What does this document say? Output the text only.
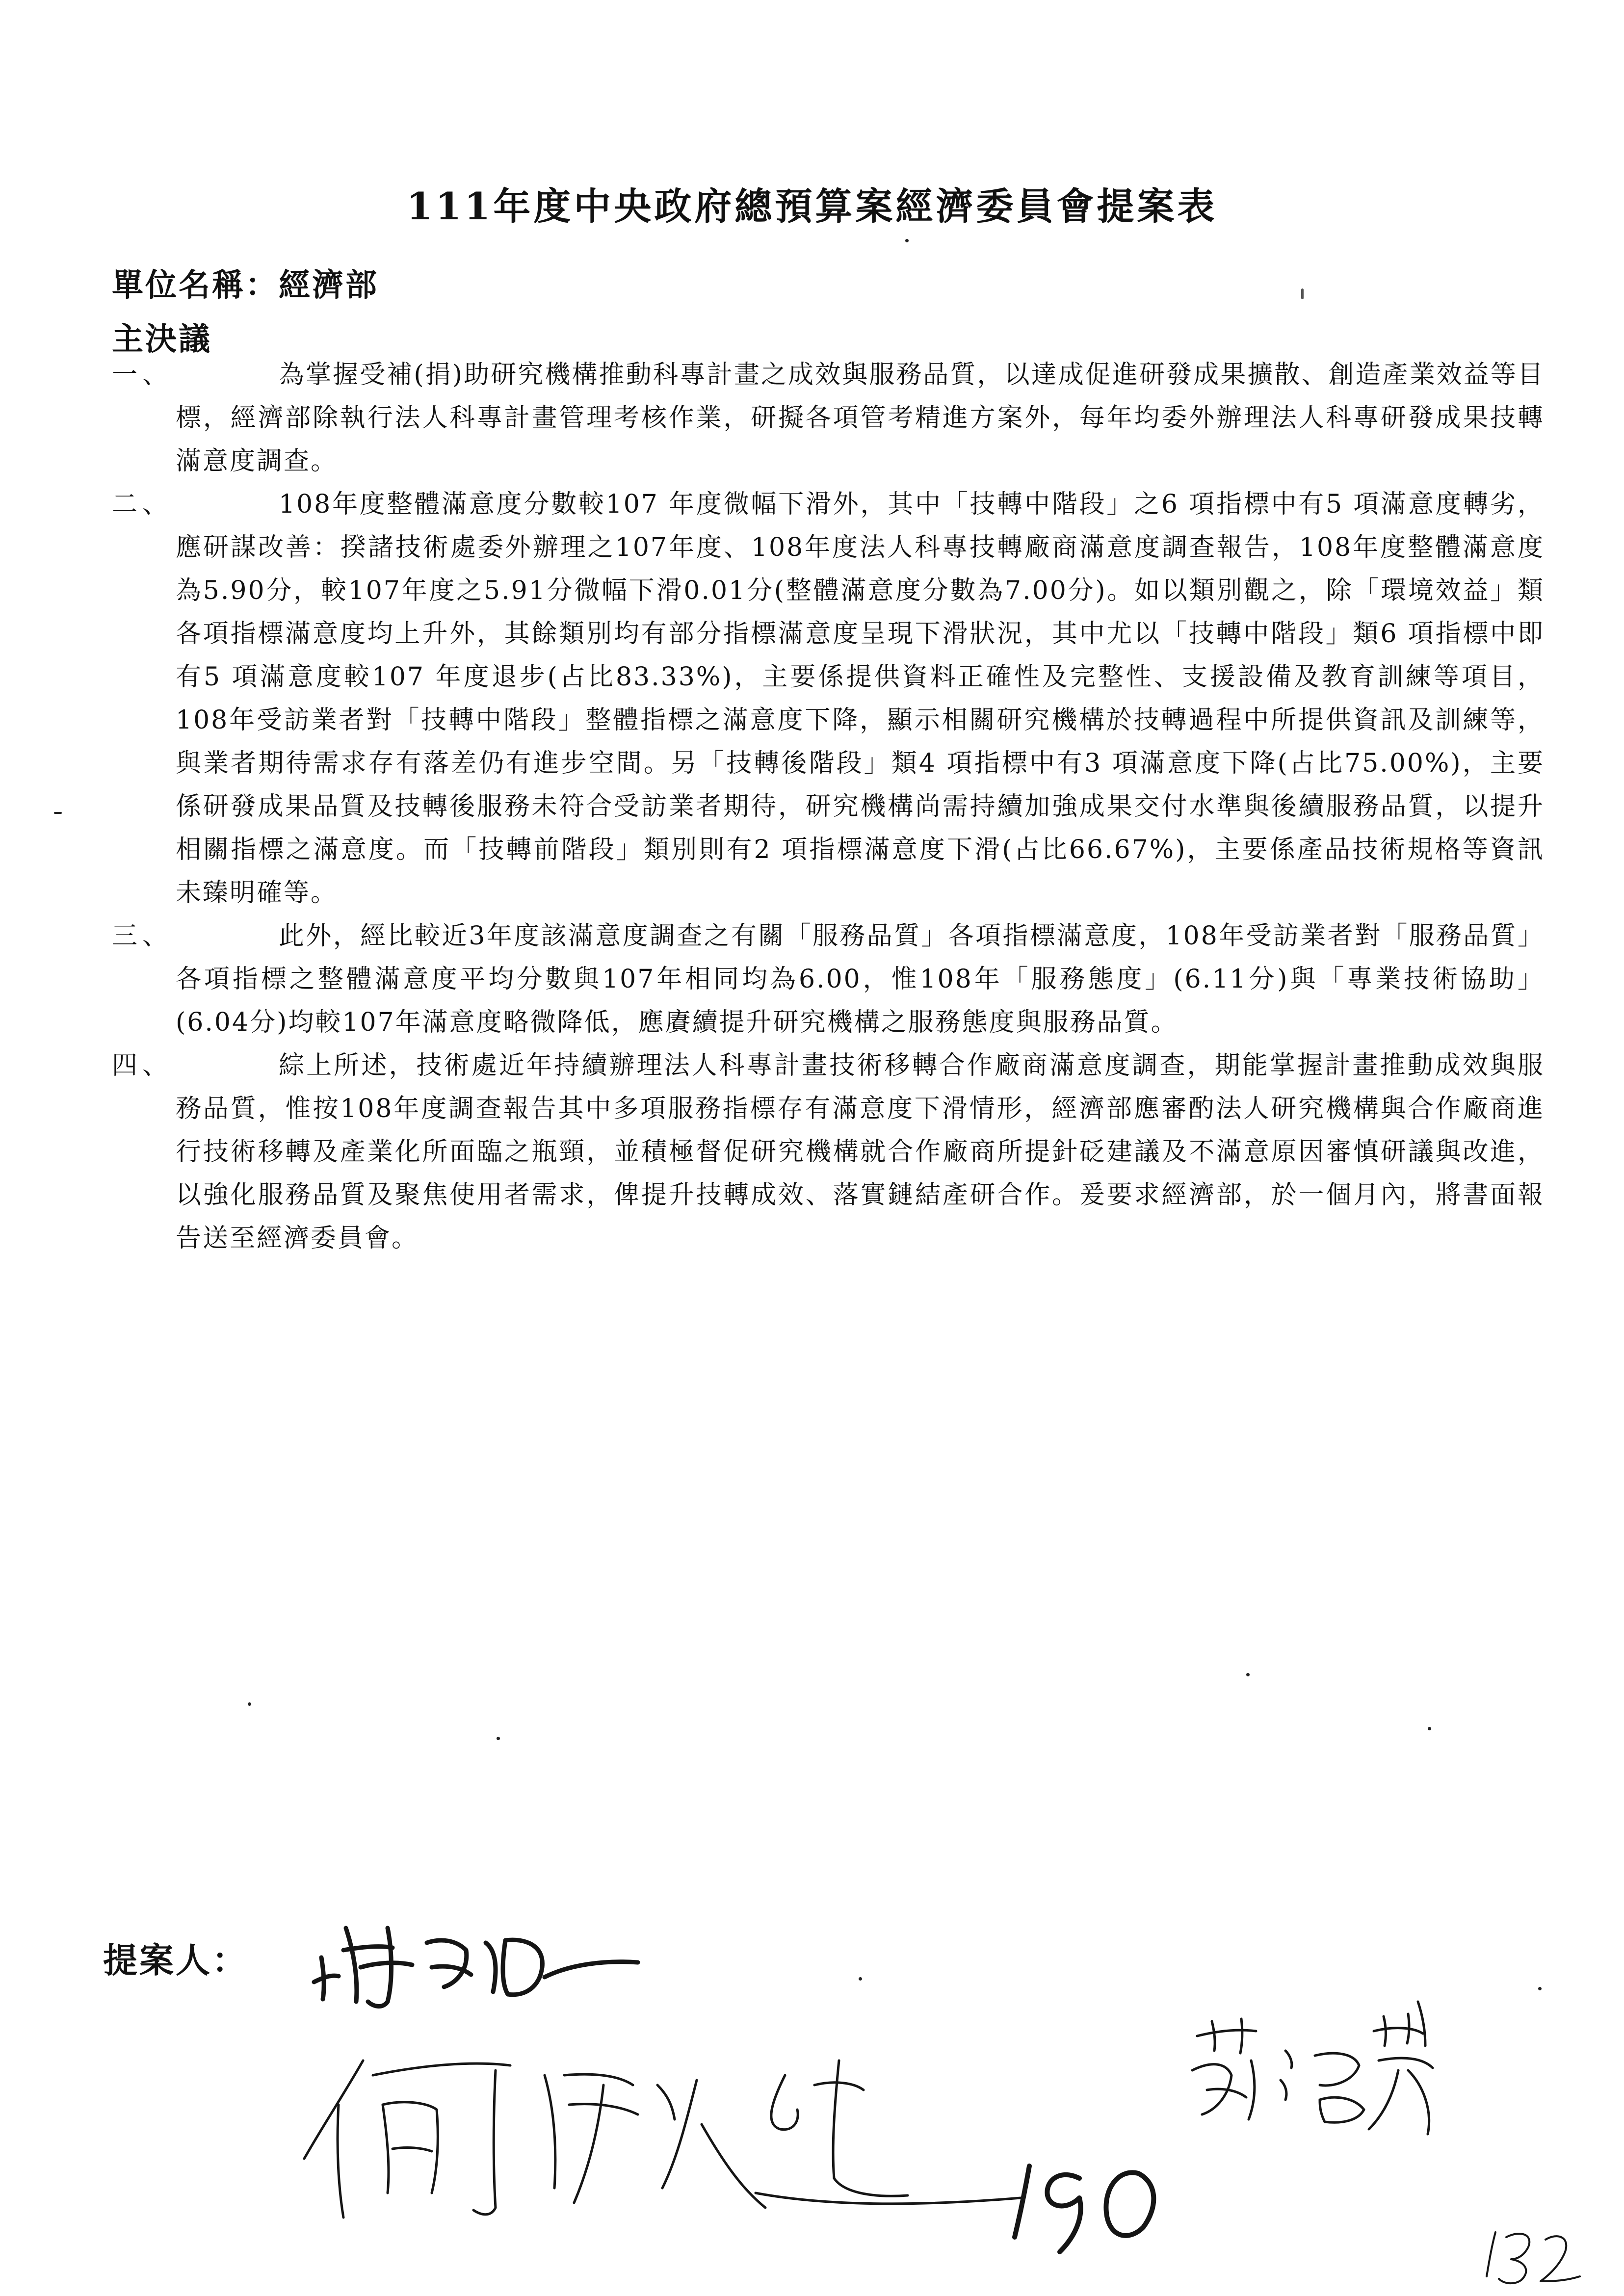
111年度中央政府總預算案經濟委員會提案表
單位名稱：經濟部
主決議
一、	為掌握受補(捐)助研究機構推動科專計畫之成效與服務品質，以達成促進研發成果擴散、創造產業效益等目標，經濟部除執行法人科專計畫管理考核作業，研擬各項管考精進方案外，每年均委外辦理法人科專研發成果技轉滿意度調查。
二、	108年度整體滿意度分數較107 年度微幅下滑外，其中「技轉中階段」之6 項指標中有5 項滿意度轉劣，應研謀改善：揆諸技術處委外辦理之107年度、108年度法人科專技轉廠商滿意度調查報告，108年度整體滿意度為5.90分，較107年度之5.91分微幅下滑0.01分(整體滿意度分數為7.00分)。如以類別觀之，除「環境效益」類各項指標滿意度均上升外，其餘類別均有部分指標滿意度呈現下滑狀況，其中尤以「技轉中階段」類6 項指標中即有5 項滿意度較107 年度退步(占比83.33%)，主要係提供資料正確性及完整性、支援設備及教育訓練等項目，108年受訪業者對「技轉中階段」整體指標之滿意度下降，顯示相關研究機構於技轉過程中所提供資訊及訓練等，與業者期待需求存有落差仍有進步空間。另「技轉後階段」類4 項指標中有3 項滿意度下降(占比75.00%)，主要係研發成果品質及技轉後服務未符合受訪業者期待，研究機構尚需持續加強成果交付水準與後續服務品質，以提升相關指標之滿意度。而「技轉前階段」類別則有2 項指標滿意度下滑(占比66.67%)，主要係產品技術規格等資訊未臻明確等。
三、	此外，經比較近3年度該滿意度調查之有關「服務品質」各項指標滿意度，108年受訪業者對「服務品質」各項指標之整體滿意度平均分數與107年相同均為6.00，惟108年「服務態度」(6.11分)與「專業技術協助」(6.04分)均較107年滿意度略微降低，應賡續提升研究機構之服務態度與服務品質。
四、	綜上所述，技術處近年持續辦理法人科專計畫技術移轉合作廠商滿意度調查，期能掌握計畫推動成效與服務品質，惟按108年度調查報告其中多項服務指標存有滿意度下滑情形，經濟部應審酌法人研究機構與合作廠商進行技術移轉及產業化所面臨之瓶頸，並積極督促研究機構就合作廠商所提針砭建議及不滿意原因審慎研議與改進，以強化服務品質及聚焦使用者需求，俾提升技轉成效、落實鏈結產研合作。爰要求經濟部，於一個月內，將書面報告送至經濟委員會。
提案人：
